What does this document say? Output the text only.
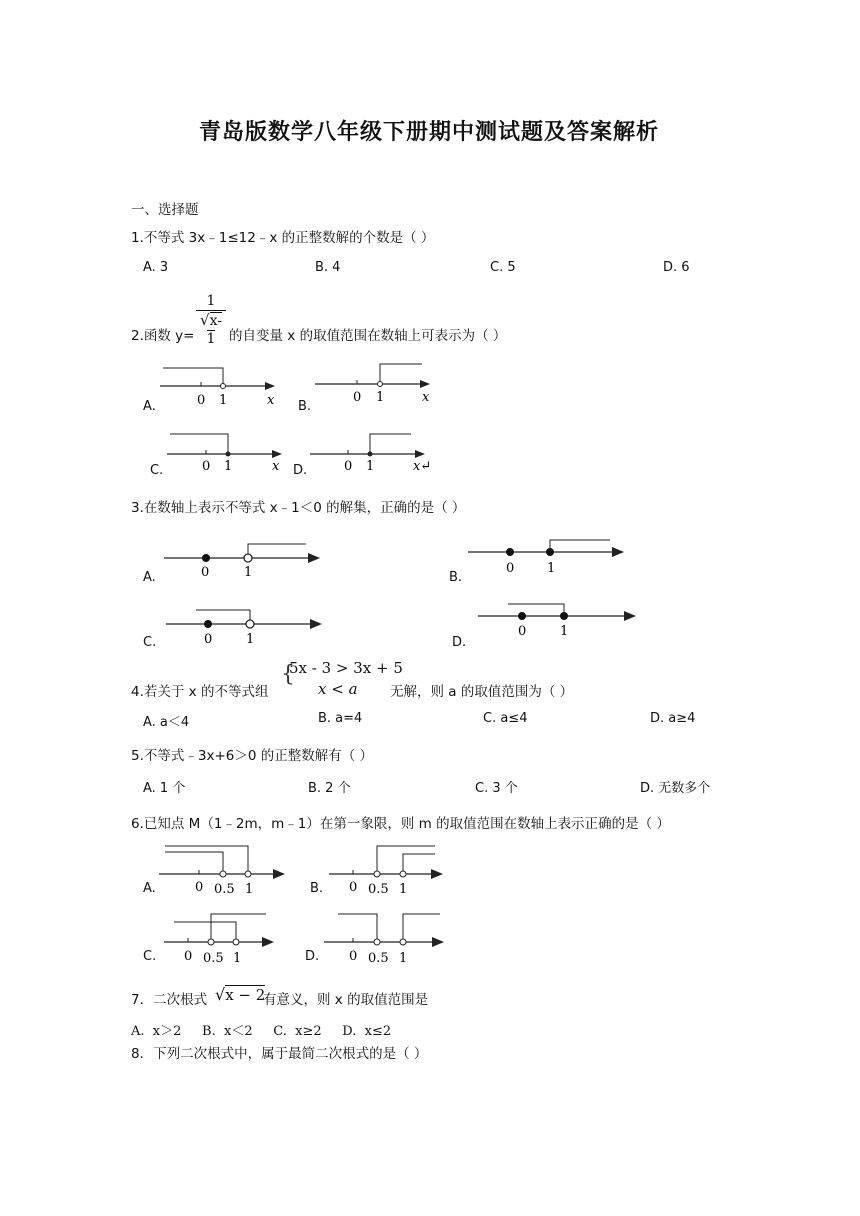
青岛版数学八年级下册期中测试题及答案解析
一、选择题
1.不等式 3x﹣1≤12﹣x 的正整数解的个数是（ ）
A. 3	B. 4	C. 5	D. 6
2.函数 $y= \frac{1}{√x-1}$ 的自变量 x 的取值范围在数轴上可表示为（ ）
A.	0 1	x B.
0 1	x
C.	0 1	x D.	0 1	x↵
3.在数轴上表示不等式 x﹣1＜0 的解集，正确的是（ ）
A.	0	1	B.
0	1
C.	0	1	D.
0	1
4.若关于 x 的不等式组
{
5x - 3 > 3x + 5
x < a 无解，则 a 的取值范围为（ ）
A. a＜4	B. a=4	C. a≤4	D. a≥4
5.不等式﹣3x+6＞0 的正整数解有（ ）
A. 1 个	B. 2 个	C. 3 个	D. 无数多个
6.已知点 M（1﹣2m，m﹣1）在第一象限，则 m 的取值范围在数轴上表示正确的是（ ）
A.	0 0.5 1	B. 0 0.5 1
C. 0 0.5 1	D. 0 0.5 1
7．二次根式 √x − 2
有意义，则 x 的取值范围是
A.  x＞2     B.  x＜2     C.  x≥2     D.  x≤2
8．下列二次根式中，属于最简二次根式的是（ ）
